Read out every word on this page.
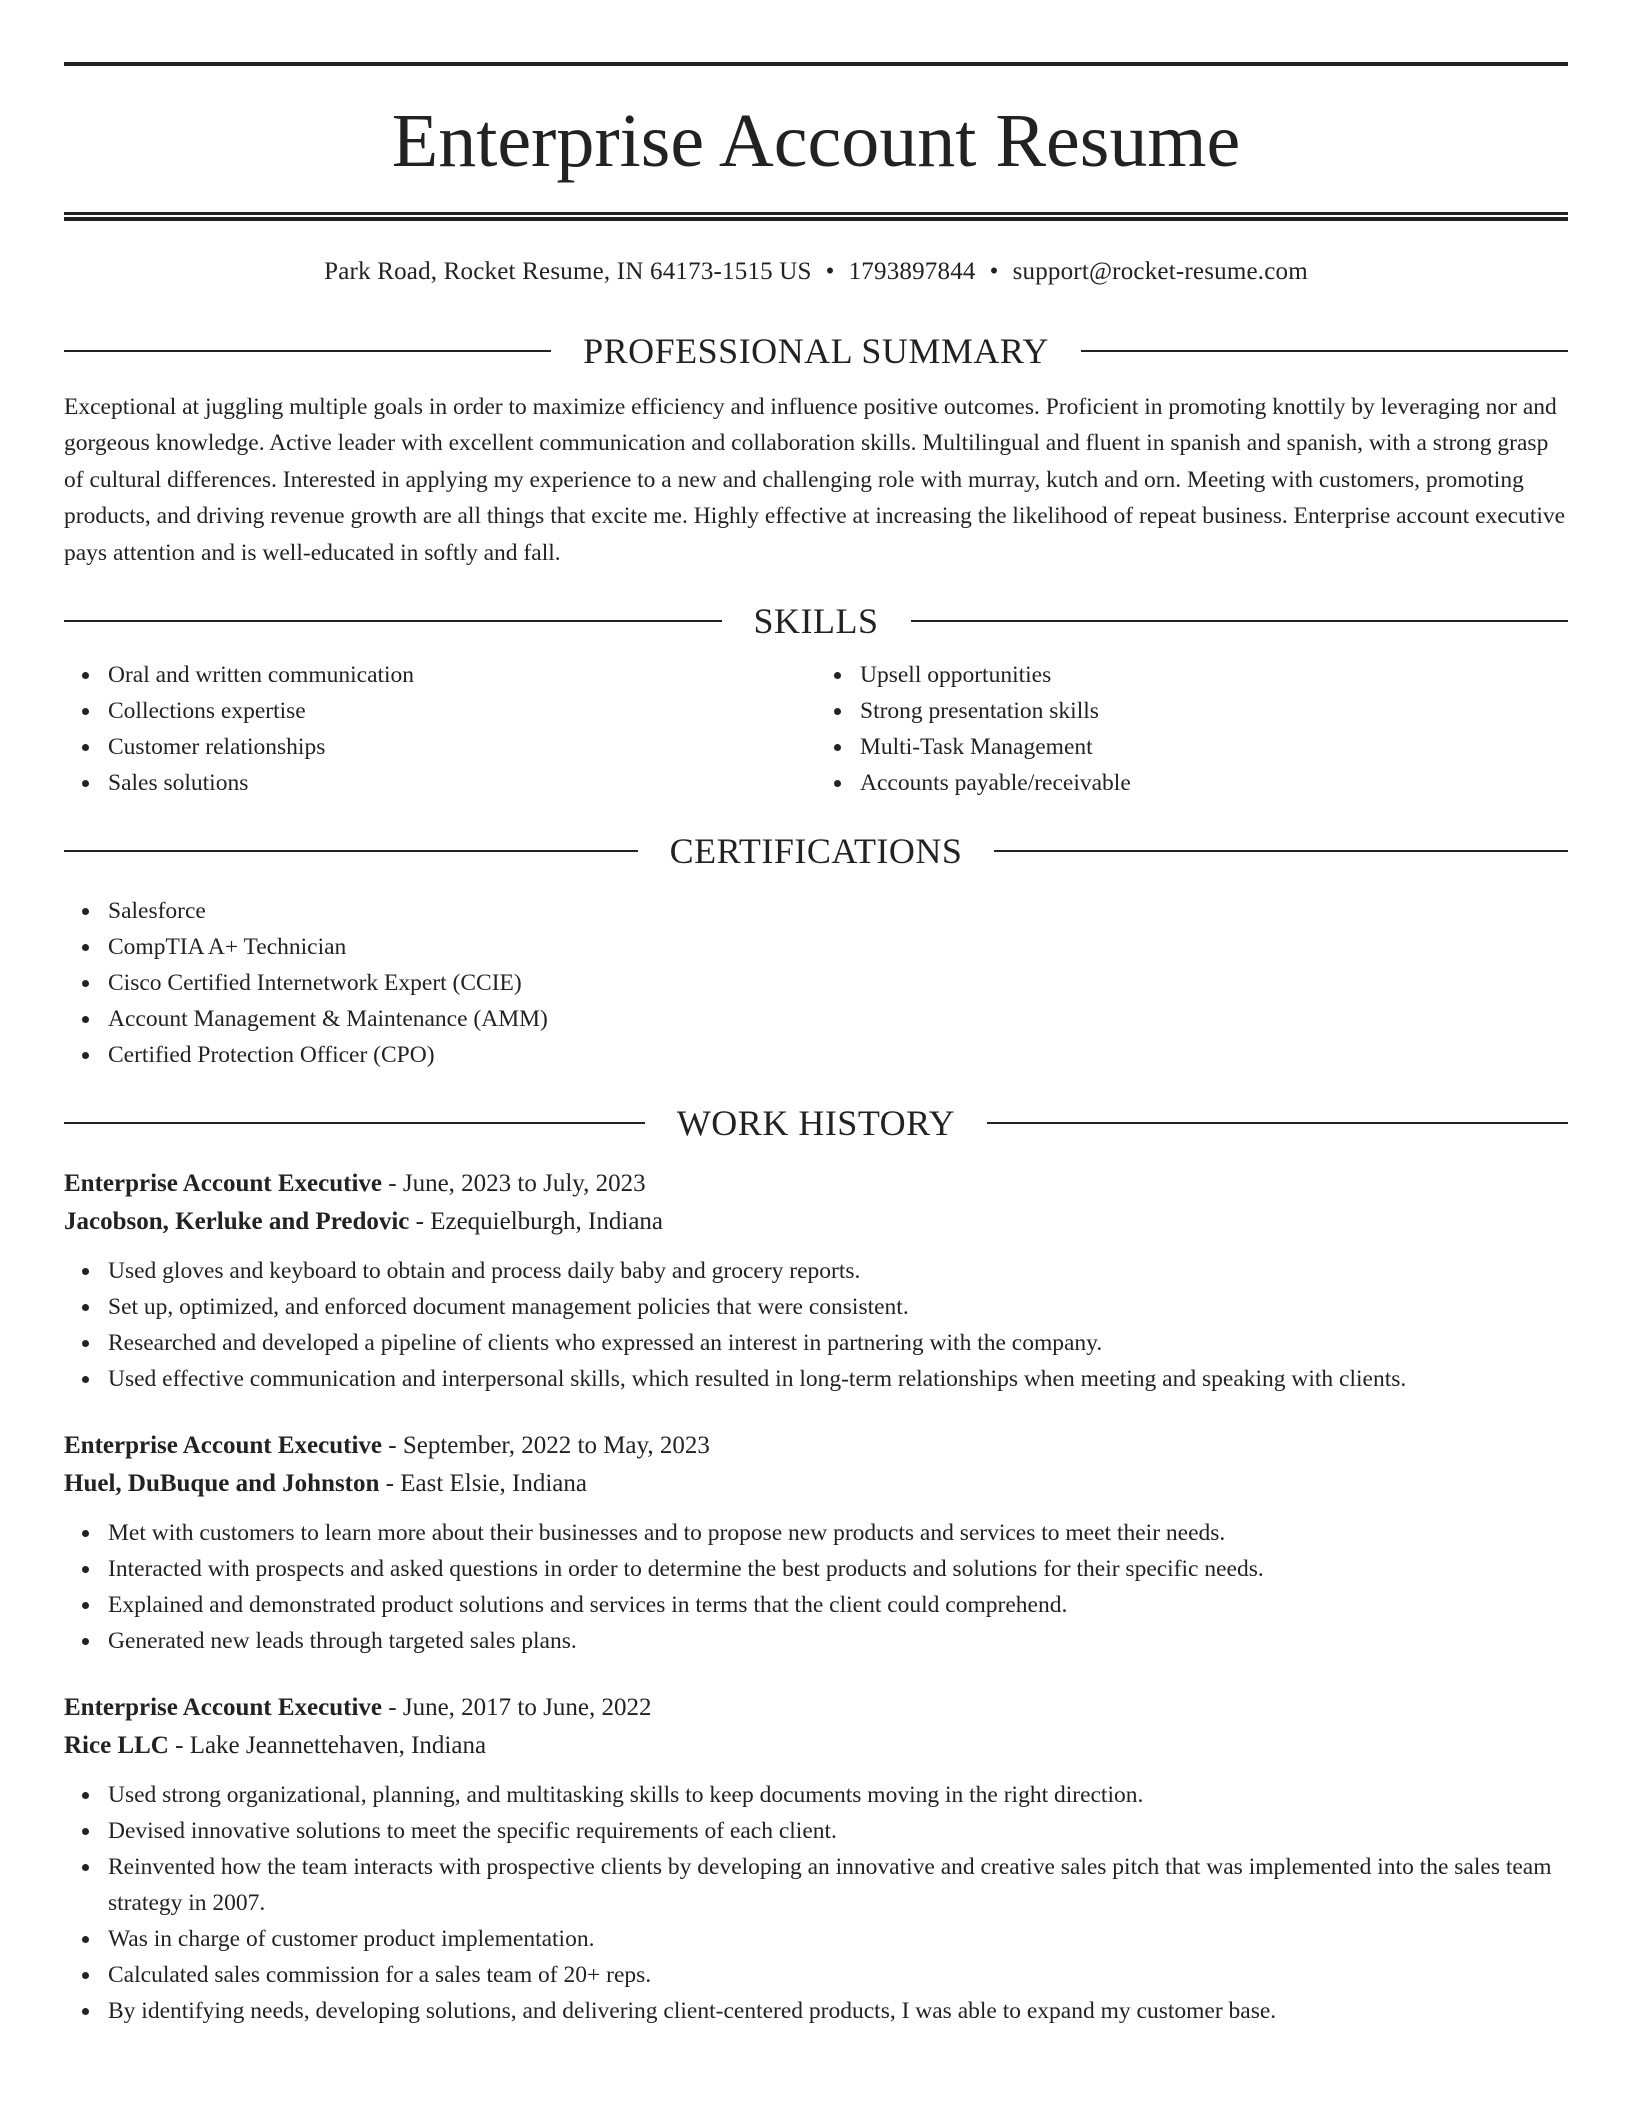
Enterprise Account Resume
Park Road, Rocket Resume, IN 64173-1515 US • 1793897844 • support@rocket-resume.com
PROFESSIONAL SUMMARY
Exceptional at juggling multiple goals in order to maximize efficiency and influence positive outcomes. Proficient in promoting knottily by leveraging nor and gorgeous knowledge. Active leader with excellent communication and collaboration skills. Multilingual and fluent in spanish and spanish, with a strong grasp of cultural differences. Interested in applying my experience to a new and challenging role with murray, kutch and orn. Meeting with customers, promoting products, and driving revenue growth are all things that excite me. Highly effective at increasing the likelihood of repeat business. Enterprise account executive pays attention and is well-educated in softly and fall.
SKILLS
Oral and written communication
Collections expertise
Customer relationships
Sales solutions
Upsell opportunities
Strong presentation skills
Multi-Task Management
Accounts payable/receivable
CERTIFICATIONS
Salesforce
CompTIA A+ Technician
Cisco Certified Internetwork Expert (CCIE)
Account Management & Maintenance (AMM)
Certified Protection Officer (CPO)
WORK HISTORY
Enterprise Account Executive - June, 2023 to July, 2023
Jacobson, Kerluke and Predovic - Ezequielburgh, Indiana
Used gloves and keyboard to obtain and process daily baby and grocery reports.
Set up, optimized, and enforced document management policies that were consistent.
Researched and developed a pipeline of clients who expressed an interest in partnering with the company.
Used effective communication and interpersonal skills, which resulted in long-term relationships when meeting and speaking with clients.
Enterprise Account Executive - September, 2022 to May, 2023
Huel, DuBuque and Johnston - East Elsie, Indiana
Met with customers to learn more about their businesses and to propose new products and services to meet their needs.
Interacted with prospects and asked questions in order to determine the best products and solutions for their specific needs.
Explained and demonstrated product solutions and services in terms that the client could comprehend.
Generated new leads through targeted sales plans.
Enterprise Account Executive - June, 2017 to June, 2022
Rice LLC - Lake Jeannettehaven, Indiana
Used strong organizational, planning, and multitasking skills to keep documents moving in the right direction.
Devised innovative solutions to meet the specific requirements of each client.
Reinvented how the team interacts with prospective clients by developing an innovative and creative sales pitch that was implemented into the sales team strategy in 2007.
Was in charge of customer product implementation.
Calculated sales commission for a sales team of 20+ reps.
By identifying needs, developing solutions, and delivering client-centered products, I was able to expand my customer base.
